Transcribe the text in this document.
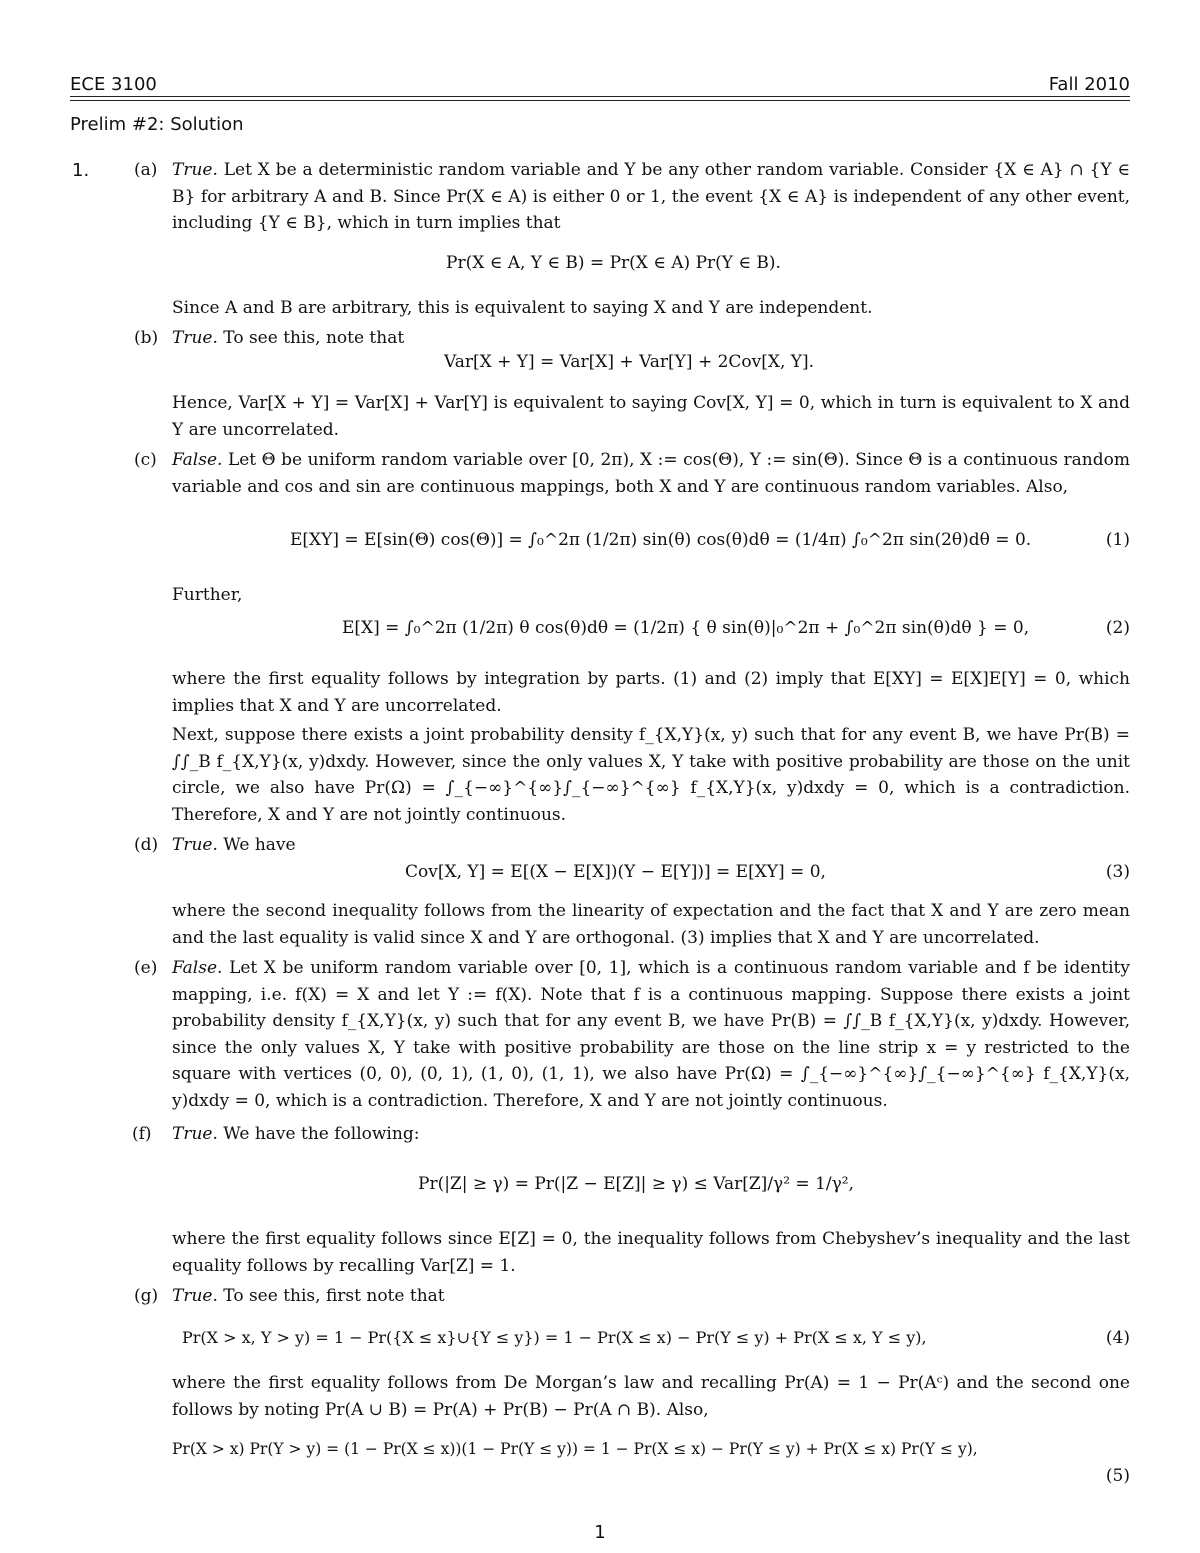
ECE 3100	Fall 2010
Prelim #2: Solution
1.	(a) True. Let X be a deterministic random variable and Y be any other random variable. Consider {X ∈ A} ∩ {Y ∈ B} for arbitrary A and B. Since Pr(X ∈ A) is either 0 or 1, the event {X ∈ A} is independent of any other event, including {Y ∈ B}, which in turn implies that
Pr(X ∈ A, Y ∈ B) = Pr(X ∈ A) Pr(Y ∈ B).
Since A and B are arbitrary, this is equivalent to saying X and Y are independent.
(b) True. To see this, note that
Var[X + Y] = Var[X] + Var[Y] + 2Cov[X, Y].
Hence, Var[X + Y] = Var[X] + Var[Y] is equivalent to saying Cov[X, Y] = 0, which in turn is equivalent to X and Y are uncorrelated.
(c) False. Let Θ be uniform random variable over [0, 2π), X := cos(Θ), Y := sin(Θ). Since Θ is a continuous random variable and cos and sin are continuous mappings, both X and Y are continuous random variables. Also,
E[XY] = E[sin(Θ) cos(Θ)] = ∫₀^2π (1/2π) sin(θ) cos(θ)dθ = (1/4π) ∫₀^2π sin(2θ)dθ = 0.	(1)
Further,
E[X] = ∫₀^2π (1/2π) θ cos(θ)dθ = (1/2π) { θ sin(θ)|₀^2π + ∫₀^2π sin(θ)dθ } = 0,	(2)
where the first equality follows by integration by parts. (1) and (2) imply that E[XY] = E[X]E[Y] = 0, which implies that X and Y are uncorrelated.
Next, suppose there exists a joint probability density f_{X,Y}(x, y) such that for any event B, we have Pr(B) = ∫∫_B f_{X,Y}(x, y)dxdy. However, since the only values X, Y take with positive probability are those on the unit circle, we also have Pr(Ω) = ∫_{−∞}^{∞}∫_{−∞}^{∞} f_{X,Y}(x, y)dxdy = 0, which is a contradiction. Therefore, X and Y are not jointly continuous.
(d) True. We have
Cov[X, Y] = E[(X − E[X])(Y − E[Y])] = E[XY] = 0,	(3)
where the second inequality follows from the linearity of expectation and the fact that X and Y are zero mean and the last equality is valid since X and Y are orthogonal. (3) implies that X and Y are uncorrelated.
(e) False. Let X be uniform random variable over [0, 1], which is a continuous random variable and f be identity mapping, i.e. f(X) = X and let Y := f(X). Note that f is a continuous mapping. Suppose there exists a joint probability density f_{X,Y}(x, y) such that for any event B, we have Pr(B) = ∫∫_B f_{X,Y}(x, y)dxdy. However, since the only values X, Y take with positive probability are those on the line strip x = y restricted to the square with vertices (0, 0), (0, 1), (1, 0), (1, 1), we also have Pr(Ω) = ∫_{−∞}^{∞}∫_{−∞}^{∞} f_{X,Y}(x, y)dxdy = 0, which is a contradiction. Therefore, X and Y are not jointly continuous.
(f) True. We have the following:
Pr(|Z| ≥ γ) = Pr(|Z − E[Z]| ≥ γ) ≤ Var[Z]/γ² = 1/γ²,
where the first equality follows since E[Z] = 0, the inequality follows from Chebyshev’s inequality and the last equality follows by recalling Var[Z] = 1.
(g) True. To see this, first note that
Pr(X > x, Y > y) = 1 − Pr({X ≤ x}∪{Y ≤ y}) = 1 − Pr(X ≤ x) − Pr(Y ≤ y) + Pr(X ≤ x, Y ≤ y),	(4)
where the first equality follows from De Morgan’s law and recalling Pr(A) = 1 − Pr(Aᶜ) and the second one follows by noting Pr(A ∪ B) = Pr(A) + Pr(B) − Pr(A ∩ B). Also,
Pr(X > x) Pr(Y > y) = (1 − Pr(X ≤ x))(1 − Pr(Y ≤ y)) = 1 − Pr(X ≤ x) − Pr(Y ≤ y) + Pr(X ≤ x) Pr(Y ≤ y),
(5)
1
